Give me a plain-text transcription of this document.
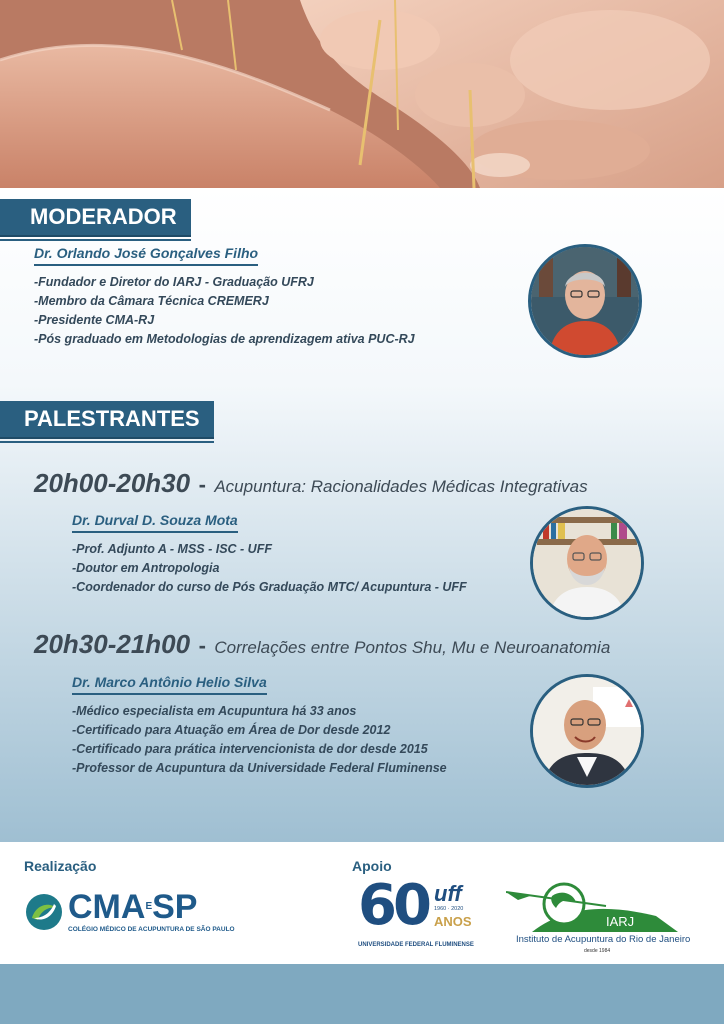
MODERADOR
Dr. Orlando José Gonçalves Filho
-Fundador e Diretor do IARJ - Graduação UFRJ
-Membro da Câmara Técnica CREMERJ
-Presidente CMA-RJ
-Pós graduado em Metodologias de aprendizagem ativa PUC-RJ
PALESTRANTES
20h00-20h30 - Acupuntura: Racionalidades Médicas Integrativas
Dr. Durval D. Souza Mota
-Prof. Adjunto A - MSS - ISC - UFF
-Doutor em Antropologia
-Coordenador do curso de Pós Graduação MTC/ Acupuntura - UFF
20h30-21h00 - Correlações entre Pontos Shu, Mu e Neuroanatomia
Dr. Marco Antônio Helio Silva
-Médico especialista em Acupuntura há 33 anos
-Certificado para Atuação em Área de Dor desde 2012
-Certificado para prática intervencionista de dor desde 2015
-Professor de Acupuntura da Universidade Federal Fluminense
Realização	Apoio
$CMA^ESP$
COLÉGIO MÉDICO DE ACUPUNTURA DE SÃO PAULO 60 uff
1960 · 2020
ANOS
UNIVERSIDADE FEDERAL FLUMINENSE
IARJ
Instituto de Acupuntura do Rio de Janeiro
desde 1984
